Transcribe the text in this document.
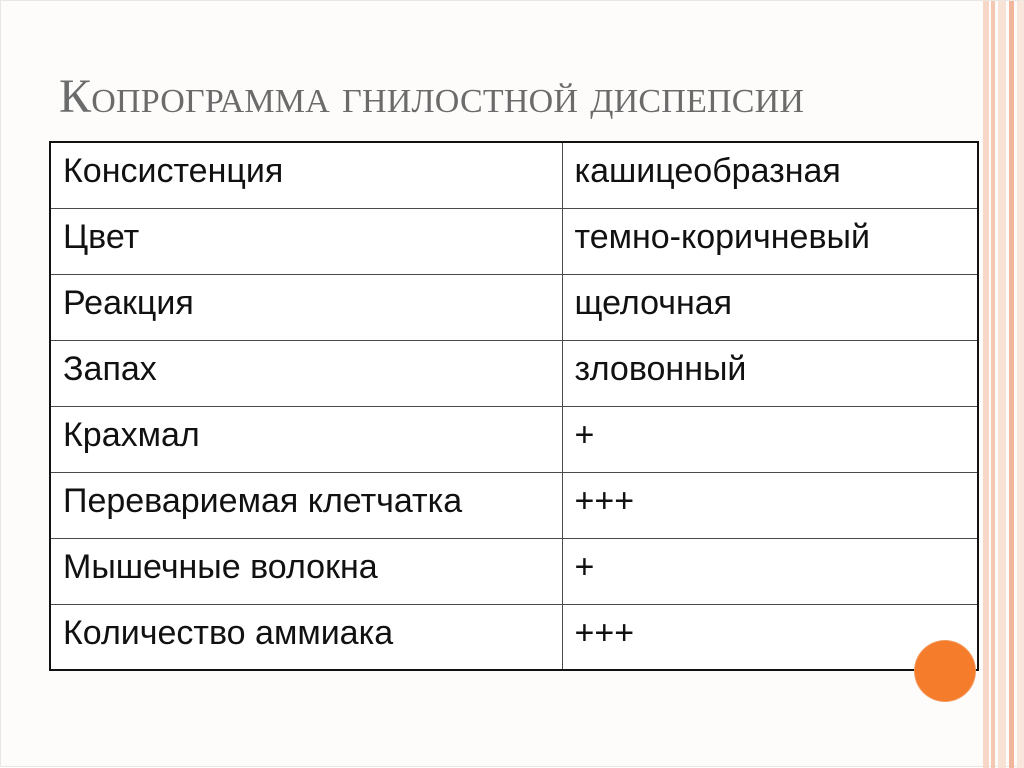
Копрограмма гнилостной диспепсии
Консистенция	кашицеобразная
Цвет	темно-коричневый
Реакция	щелочная
Запах	зловонный
Крахмал	+
Перевариемая клетчатка	+++
Мышечные волокна	+
Количество аммиака	+++
